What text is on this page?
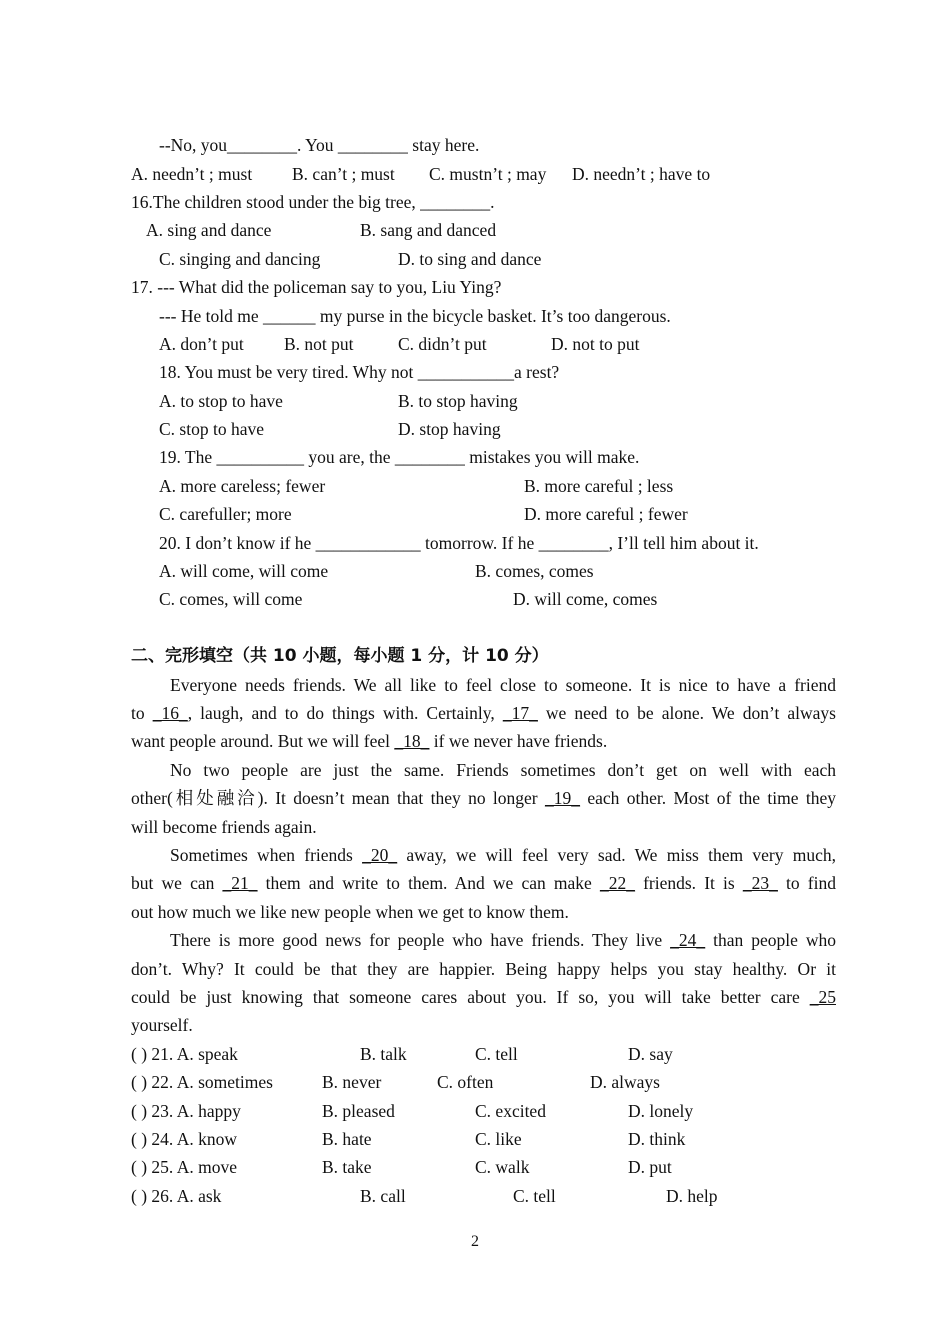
--No, you________. You ________ stay here.
A. needn’t ; must B. can’t ; must C. mustn’t ; may D. needn’t ; have to
16.The children stood under the big tree, ________.
A. sing and dance	B. sang and danced
C. singing and dancing	D. to sing and dance
17. --- What did the policeman say to you, Liu Ying?
--- He told me ______ my purse in the bicycle basket. It’s too dangerous.
A. don’t put B. not put	C. didn’t put	D. not to put
18. You must be very tired. Why not ___________a rest?
A. to stop to have	B. to stop having
C. stop to have	D. stop having
19. The __________ you are, the ________ mistakes you will make.
A. more careless; fewer	B. more careful ; less
C. carefuller; more	D. more careful ; fewer
20. I don’t know if he ____________ tomorrow. If he ________, I’ll tell him about it.
A. will come, will come	B. comes, comes
C. comes, will come	D. will come, comes
二、完形填空（共 10 小题，每小题 1 分，计 10 分）
Everyone needs friends. We all like to feel close to someone. It is nice to have a friend
to _16_, laugh, and to do things with. Certainly, _17_ we need to be alone. We don’t always
want people around. But we will feel _18_ if we never have friends.
No two people are just the same. Friends sometimes don’t get on well with each
other(相处融洽). It doesn’t mean that they no longer _19_ each other. Most of the time they
will become friends again.
Sometimes when friends _20_ away, we will feel very sad. We miss them very much,
but we can _21_ them and write to them. And we can make _22_ friends. It is _23_ to find
out how much we like new people when we get to know them.
There is more good news for people who have friends. They live _24_ than people who
don’t. Why? It could be that they are happier. Being happy helps you stay healthy. Or it
could be just knowing that someone cares about you. If so, you will take better care _25
yourself.
( ) 21. A. speak	B. talk	C. tell	D. say
( ) 22. A. sometimes	B. never	C. often	D. always
( ) 23. A. happy	B. pleased	C. excited	D. lonely
( ) 24. A. know	B. hate	C. like	D. think
( ) 25. A. move	B. take	C. walk	D. put
( ) 26. A. ask	B. call	C. tell	D. help
2
